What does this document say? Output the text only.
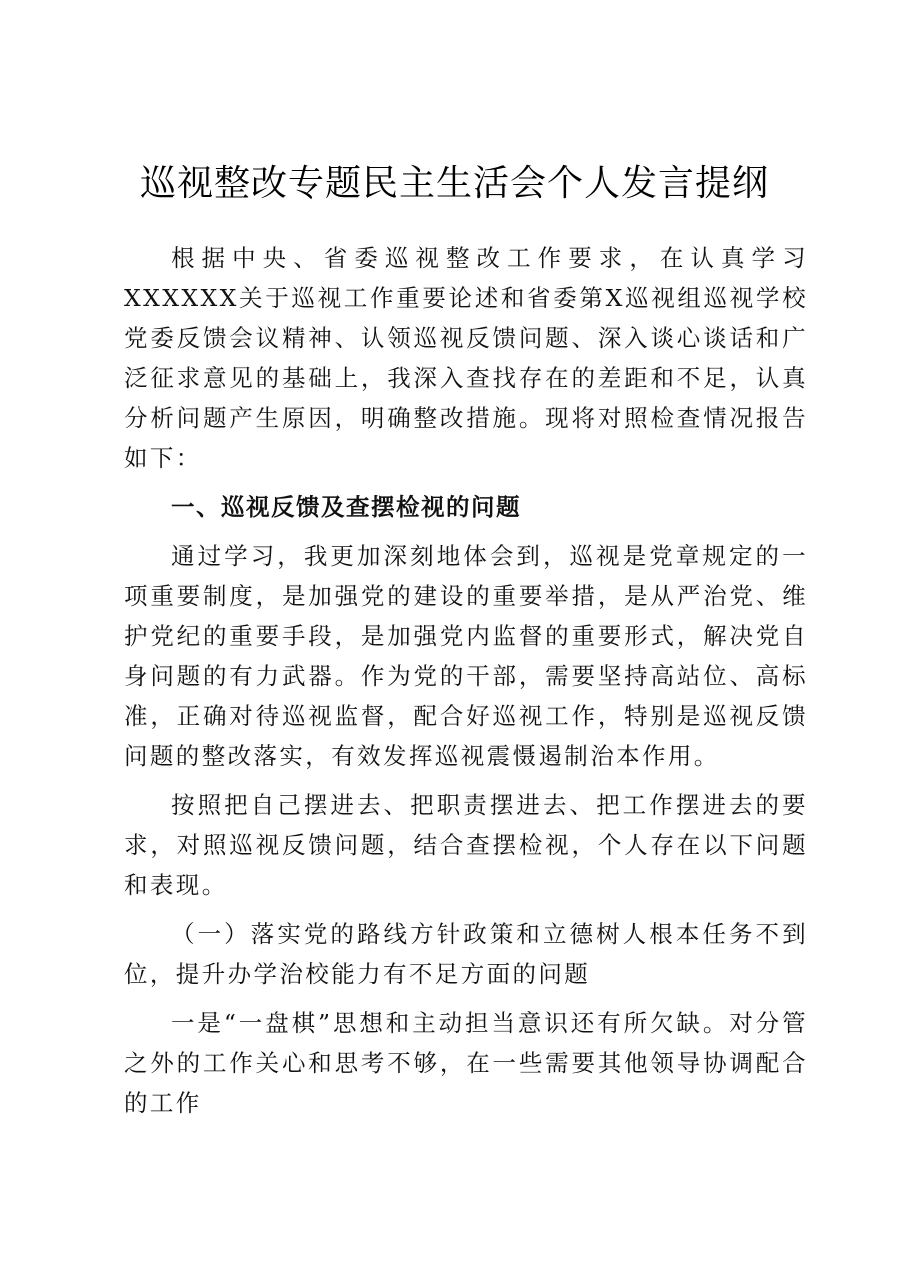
巡视整改专题民主生活会个人发言提纲

根据中央、省委巡视整改工作要求，在认真学习XXXXXX关于巡视工作重要论述和省委第X巡视组巡视学校党委反馈会议精神、认领巡视反馈问题、深入谈心谈话和广泛征求意见的基础上，我深入查找存在的差距和不足，认真分析问题产生原因，明确整改措施。现将对照检查情况报告如下：

一、巡视反馈及查摆检视的问题

通过学习，我更加深刻地体会到，巡视是党章规定的一项重要制度，是加强党的建设的重要举措，是从严治党、维护党纪的重要手段，是加强党内监督的重要形式，解决党自身问题的有力武器。作为党的干部，需要坚持高站位、高标准，正确对待巡视监督，配合好巡视工作，特别是巡视反馈问题的整改落实，有效发挥巡视震慑遏制治本作用。

按照把自己摆进去、把职责摆进去、把工作摆进去的要求，对照巡视反馈问题，结合查摆检视，个人存在以下问题和表现。

（一）落实党的路线方针政策和立德树人根本任务不到位，提升办学治校能力有不足方面的问题

一是“一盘棋”思想和主动担当意识还有所欠缺。对分管之外的工作关心和思考不够，在一些需要其他领导协调配合的工作
